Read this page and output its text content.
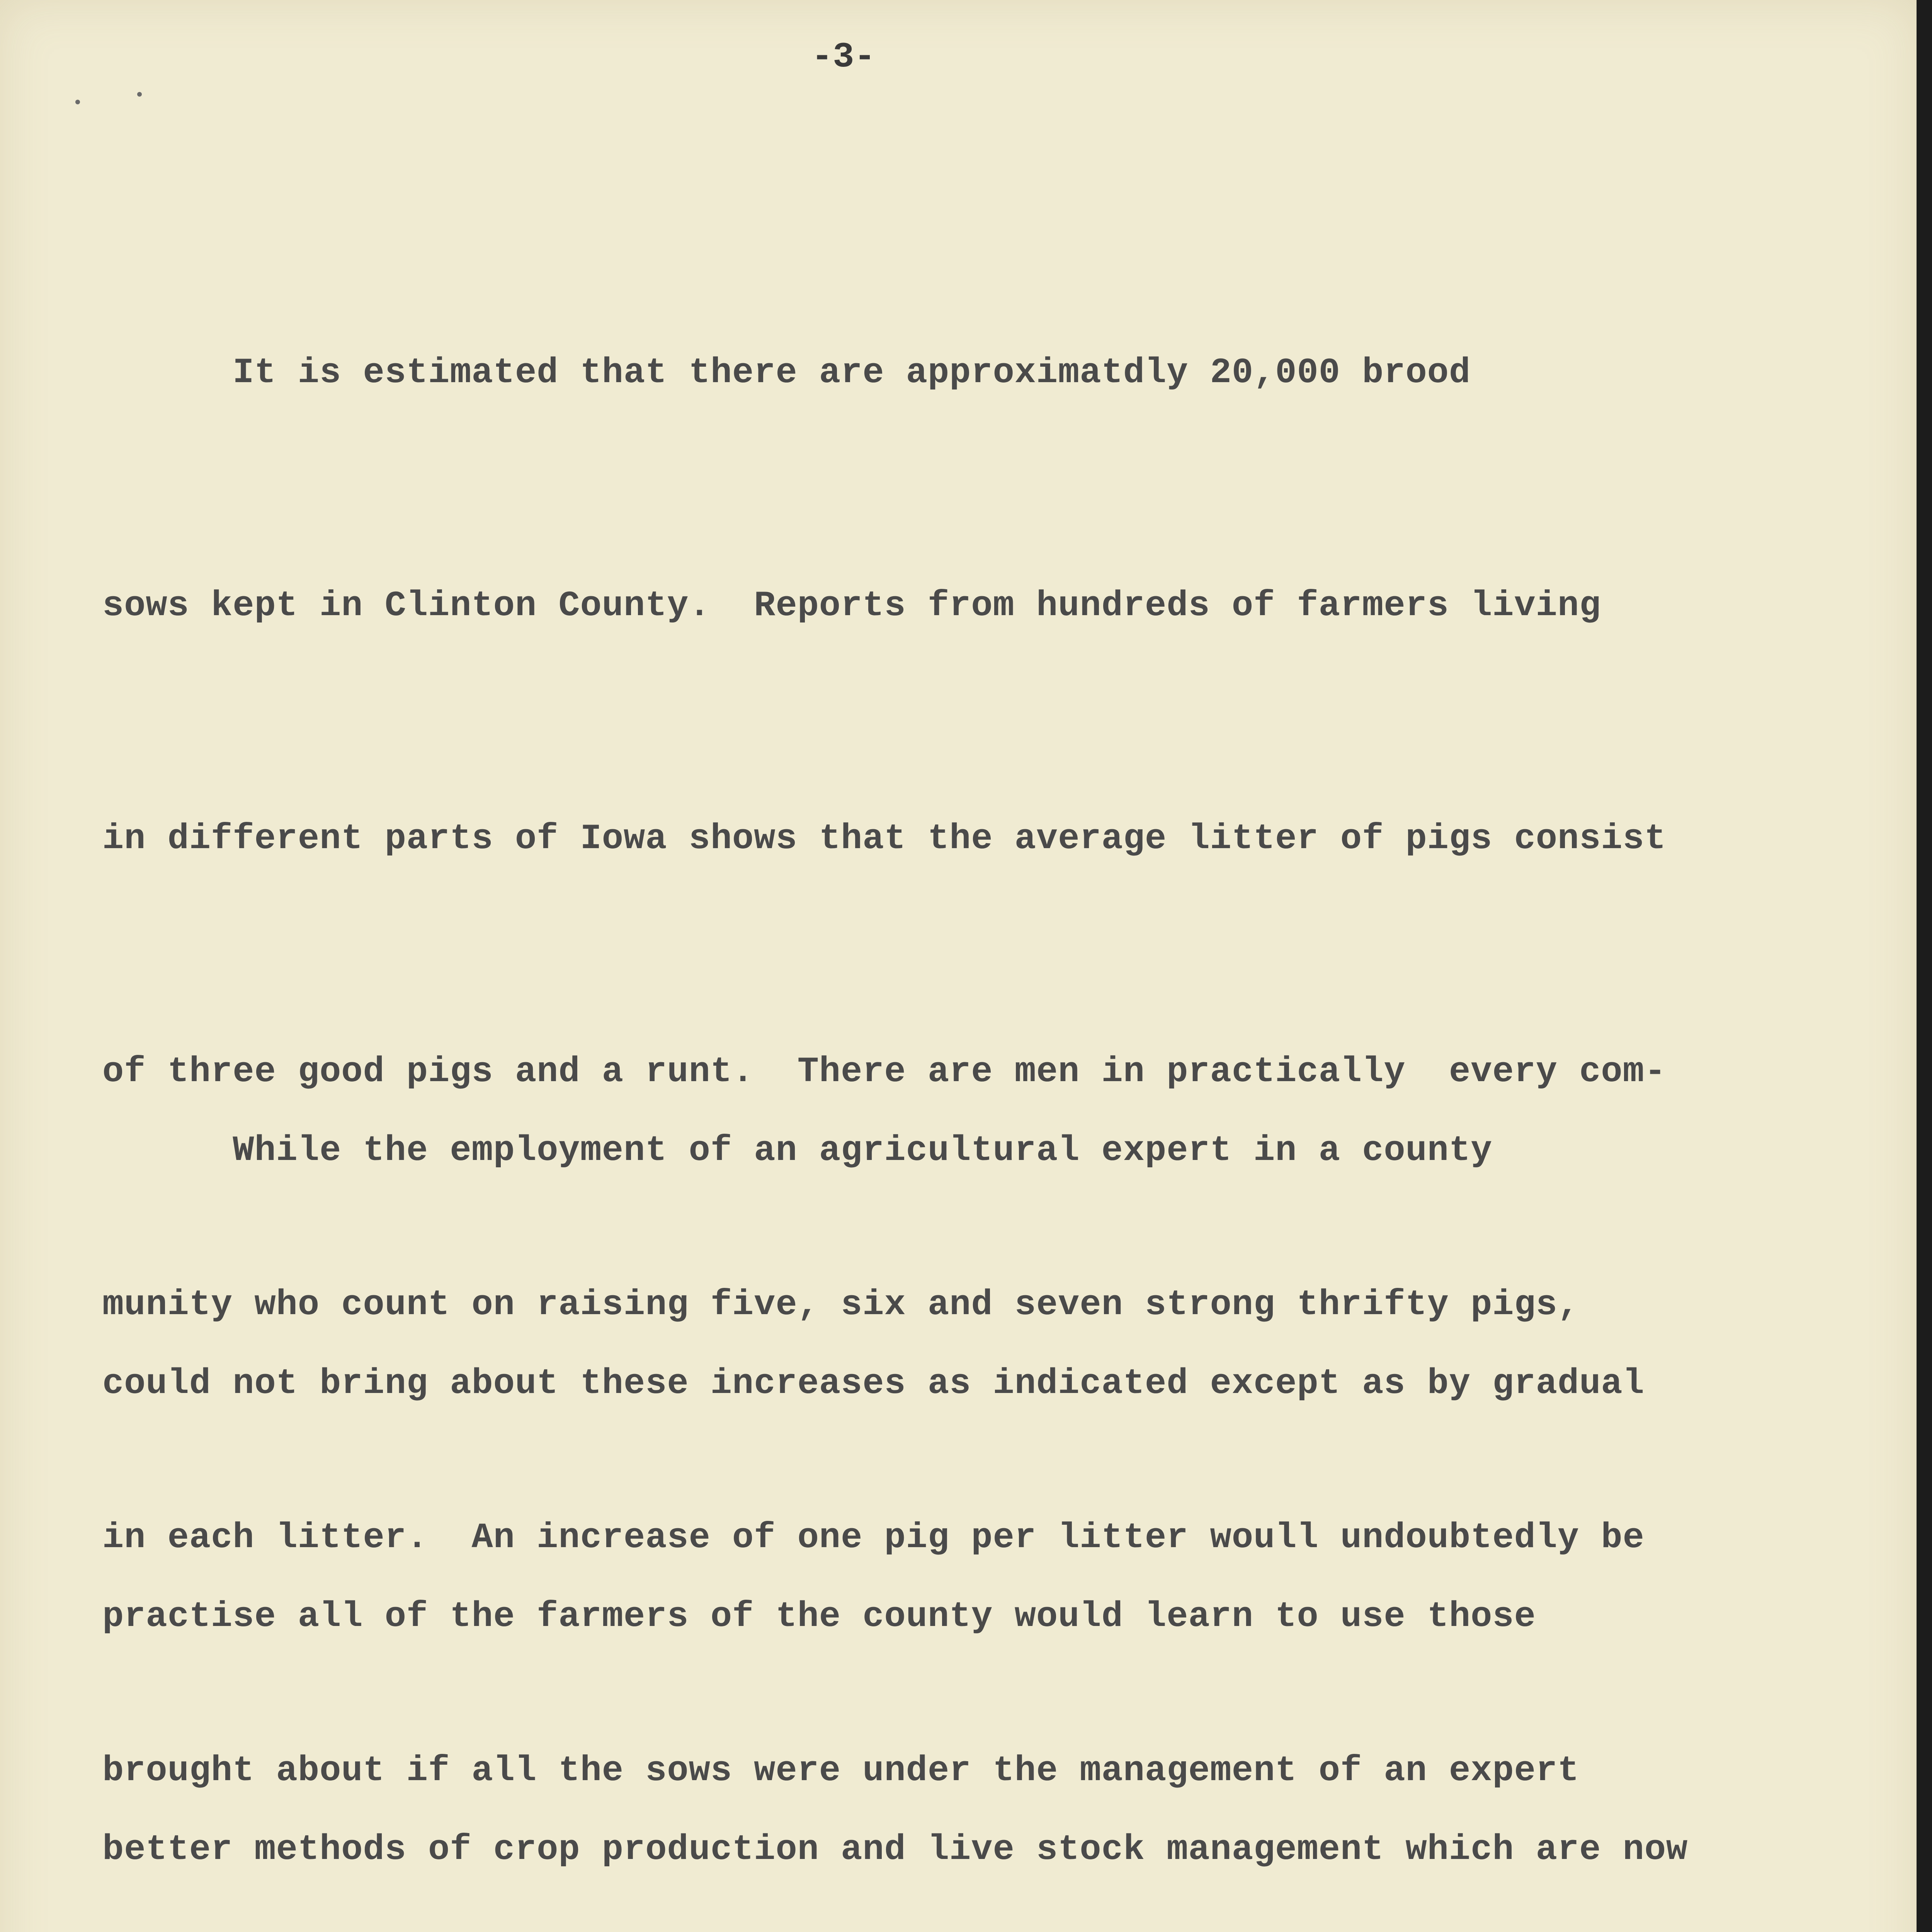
-3-

It is estimated that there are approximatdly 20,000 brood

sows kept in Clinton County.  Reports from hundreds of farmers living

in different parts of Iowa shows that the average litter of pigs consist

of three good pigs and a runt.  There are men in practically  every com-

munity who count on raising five, six and seven strong thrifty pigs,

in each litter.  An increase of one pig per litter woull undoubtedly be

brought about if all the sows were under the management of an expert

While the employment of an agricultural expert in a county

could not bring about these increases as indicated except as by gradual

practise all of the farmers of the county would learn to use those

better methods of crop production and live stock management which are now
